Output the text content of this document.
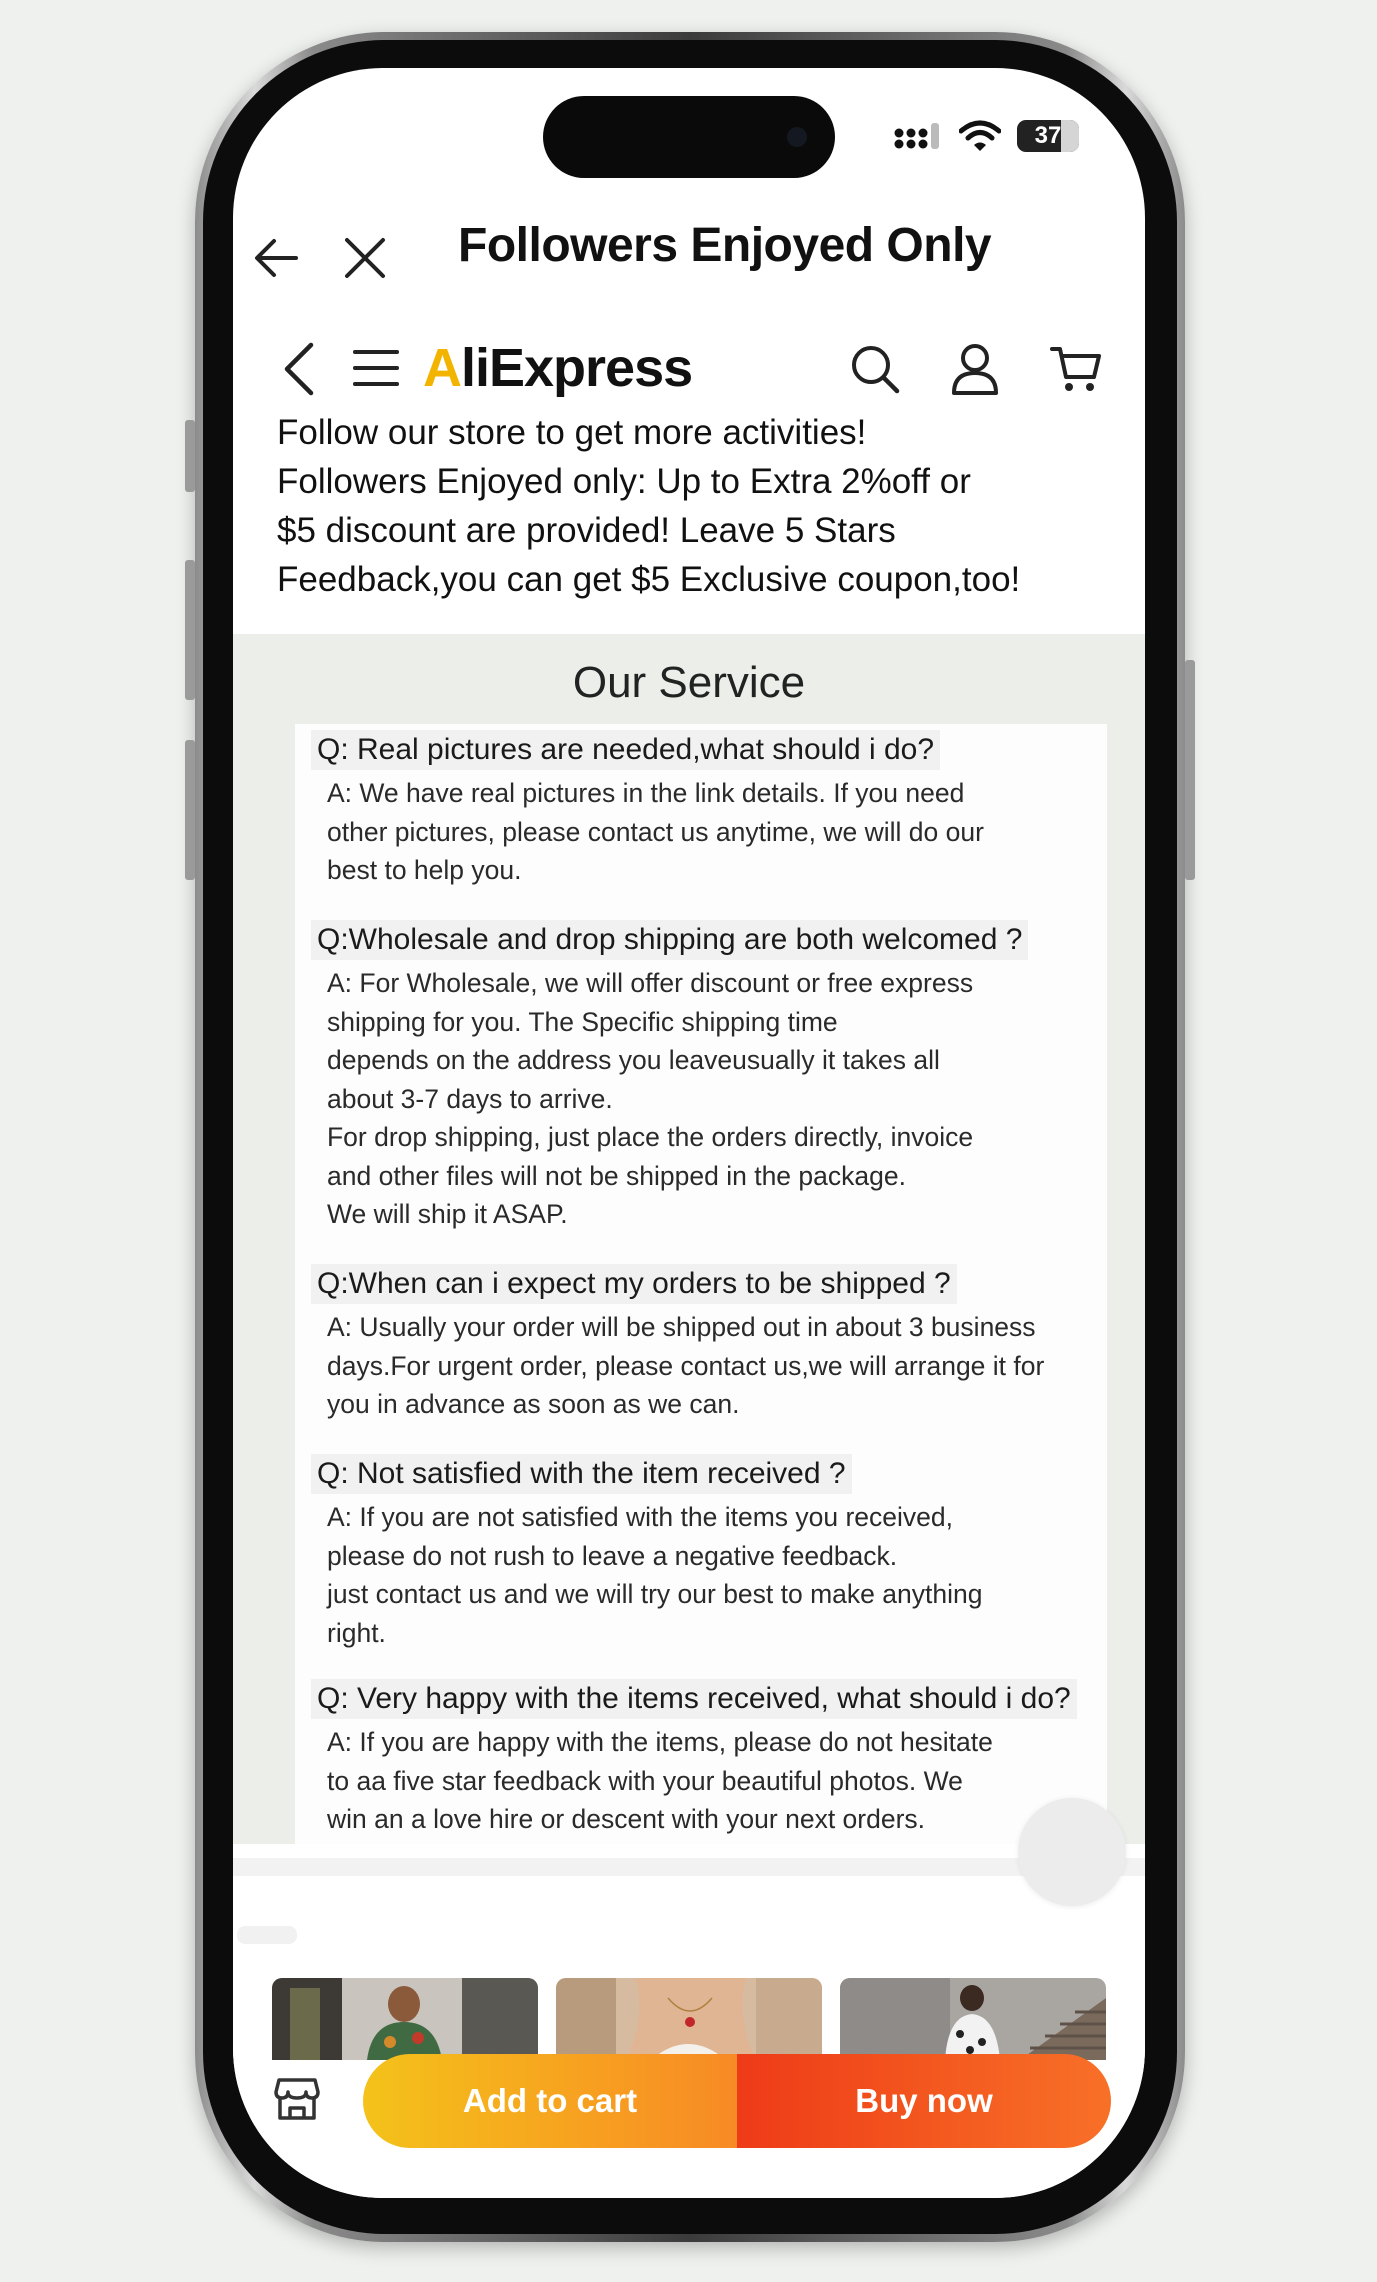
37
Followers Enjoyed Only
AliExpress
Follow our store to get more activities!
Followers Enjoyed only: Up to Extra 2%off or
$5 discount are provided! Leave 5 Stars
Feedback,you can get $5 Exclusive coupon,too!
Our Service
Q: Real pictures are needed,what should i do?
A: We have real pictures in the link details. If you need
other pictures, please contact us anytime, we will do our
best to help you.
Q:Wholesale and drop shipping are both welcomed ?
A: For Wholesale, we will offer discount or free express
shipping for you. The Specific shipping time
depends on the address you leaveusually it takes all
about 3-7 days to arrive.
For drop shipping, just place the orders directly, invoice
and other files will not be shipped in the package.
We will ship it ASAP.
Q:When can i expect my orders to be shipped ?
A: Usually your order will be shipped out in about 3 business
days.For urgent order, please contact us,we will arrange it for
you in advance as soon as we can.
Q: Not satisfied with the item received ?
A: If you are not satisfied with the items you received,
please do not rush to leave a negative feedback.
just contact us and we will try our best to make anything
right.
Q: Very happy with the items received, what should i do?
A: If you are happy with the items, please do not hesitate
to aa five star feedback with your beautiful photos. We
win an a love hire or descent with your next orders.
Add to cart	Buy now
